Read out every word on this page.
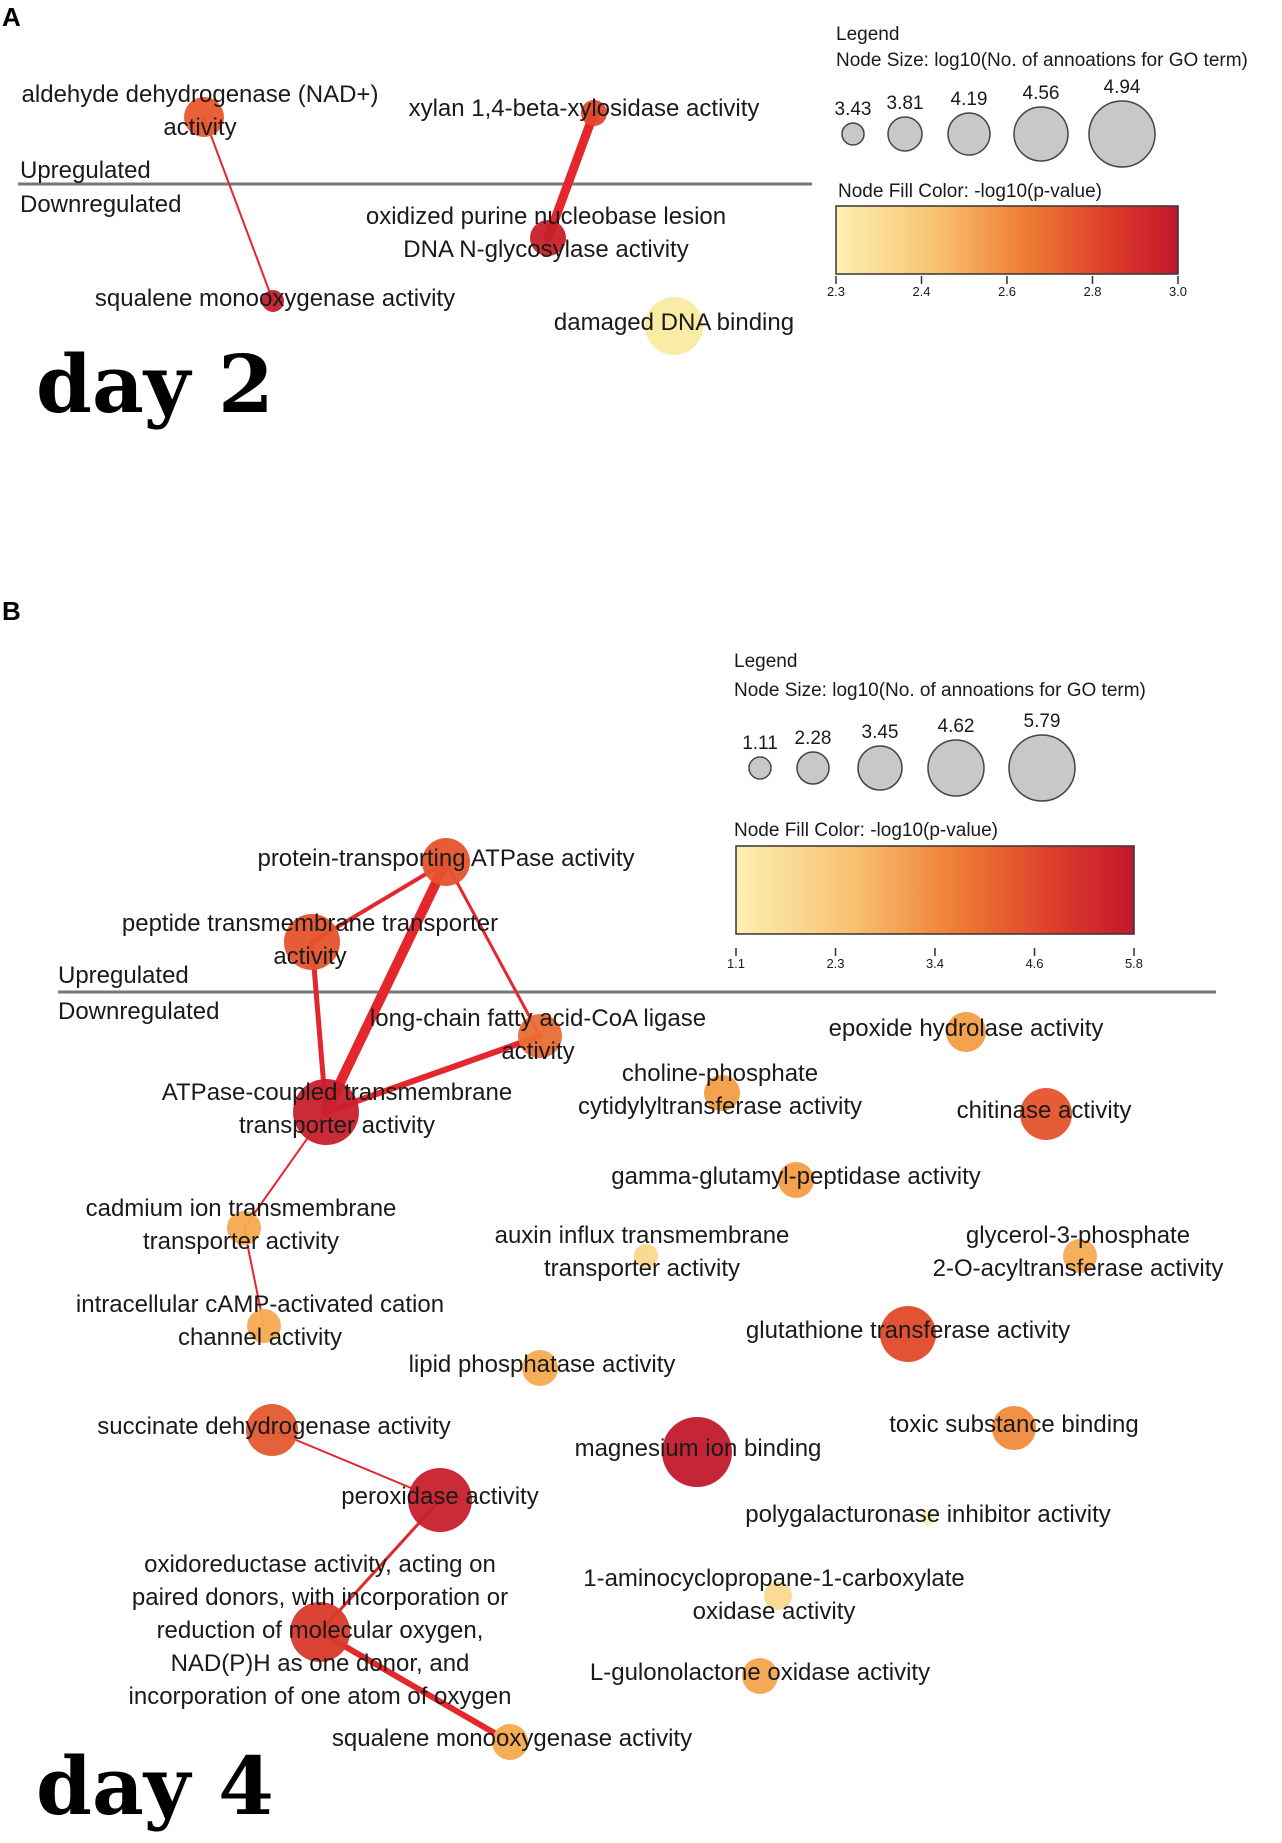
A
Upregulated
Downregulated
aldehyde dehydrogenase (NAD+) activity
xylan 1,4-beta-xylosidase activity
oxidized purine nucleobase lesion DNA N-glycosylase activity
squalene monooxygenase activity
damaged DNA binding
day 2
Legend
Node Size: log10(No. of annoations for GO term)
3.43 3.81 4.19 4.56 4.94
Node Fill Color: -log10(p-value)
2.3	2.4	2.6	2.8	3.0
B
Upregulated
Downregulated
protein-transporting ATPase activity
peptide transmembrane transporter activity
long-chain fatty acid-CoA ligase activity
ATPase-coupled transmembrane transporter activity
choline-phosphate cytidylyltransferase activity
epoxide hydrolase activity
chitinase activity
gamma-glutamyl-peptidase activity
cadmium ion transmembrane transporter activity	auxin influx transmembrane transporter activity
glycerol-3-phosphate 2-O-acyltransferase activity
intracellular cAMP-activated cation channel activity	glutathione transferase activity
lipid phosphatase activity
succinate dehydrogenase activity	toxic substance binding
magnesium ion binding
peroxidase activity
polygalacturonase inhibitor activity
oxidoreductase activity, acting on paired donors, with incorporation or reduction of molecular oxygen, NAD(P)H as one donor, and incorporation of one atom of oxygen
1-aminocyclopropane-1-carboxylate oxidase activity
L-gulonolactone oxidase activity
squalene monooxygenase activity
day 4
Legend
Node Size: log10(No. of annoations for GO term)
1.11 2.28 3.45 4.62	5.79
Node Fill Color: -log10(p-value)
1.1	2.3	3.4	4.6	5.8
